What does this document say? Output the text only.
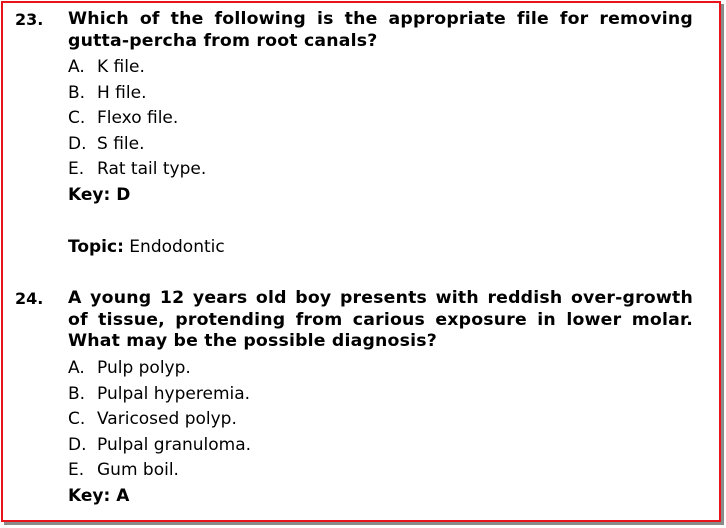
23. Which of the following is the appropriate file for removing
gutta-percha from root canals?
A. K file.
B. H file.
C. Flexo file.
D. S file.
E. Rat tail type.
Key: D
Topic: Endodontic
24. A young 12 years old boy presents with reddish over-growth
of tissue, protending from carious exposure in lower molar.
What may be the possible diagnosis?
A. Pulp polyp.
B. Pulpal hyperemia.
C. Varicosed polyp.
D. Pulpal granuloma.
E. Gum boil.
Key: A
